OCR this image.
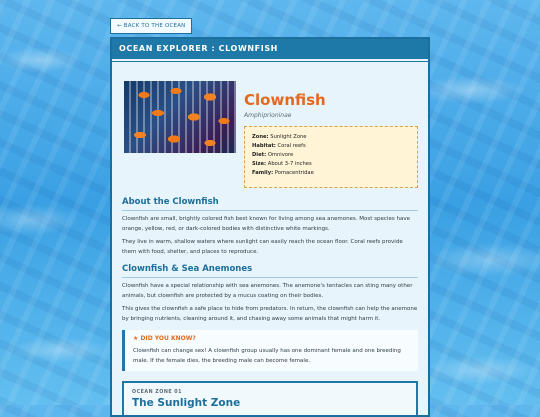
← BACK TO THE OCEAN
OCEAN EXPLORER : CLOWNFISH
Clownfish
Amphiprioninae
Zone: Sunlight Zone
Habitat: Coral reefs
Diet: Omnivore
Size: About 3-7 inches
Family: Pomacentridae
About the Clownfish

Clownfish are small, brightly colored fish best known for living among sea anemones. Most species have orange, yellow, red, or dark-colored bodies with distinctive white markings.

They live in warm, shallow waters where sunlight can easily reach the ocean floor. Coral reefs provide them with food, shelter, and places to reproduce.

Clownfish & Sea Anemones

Clownfish have a special relationship with sea anemones. The anemone's tentacles can sting many other animals, but clownfish are protected by a mucus coating on their bodies.

This gives the clownfish a safe place to hide from predators. In return, the clownfish can help the anemone by bringing nutrients, cleaning around it, and chasing away some animals that might harm it.

★ DID YOU KNOW?

Clownfish can change sex! A clownfish group usually has one dominant female and one breeding male. If the female dies, the breeding male can become female.

OCEAN ZONE 01
The Sunlight Zone
